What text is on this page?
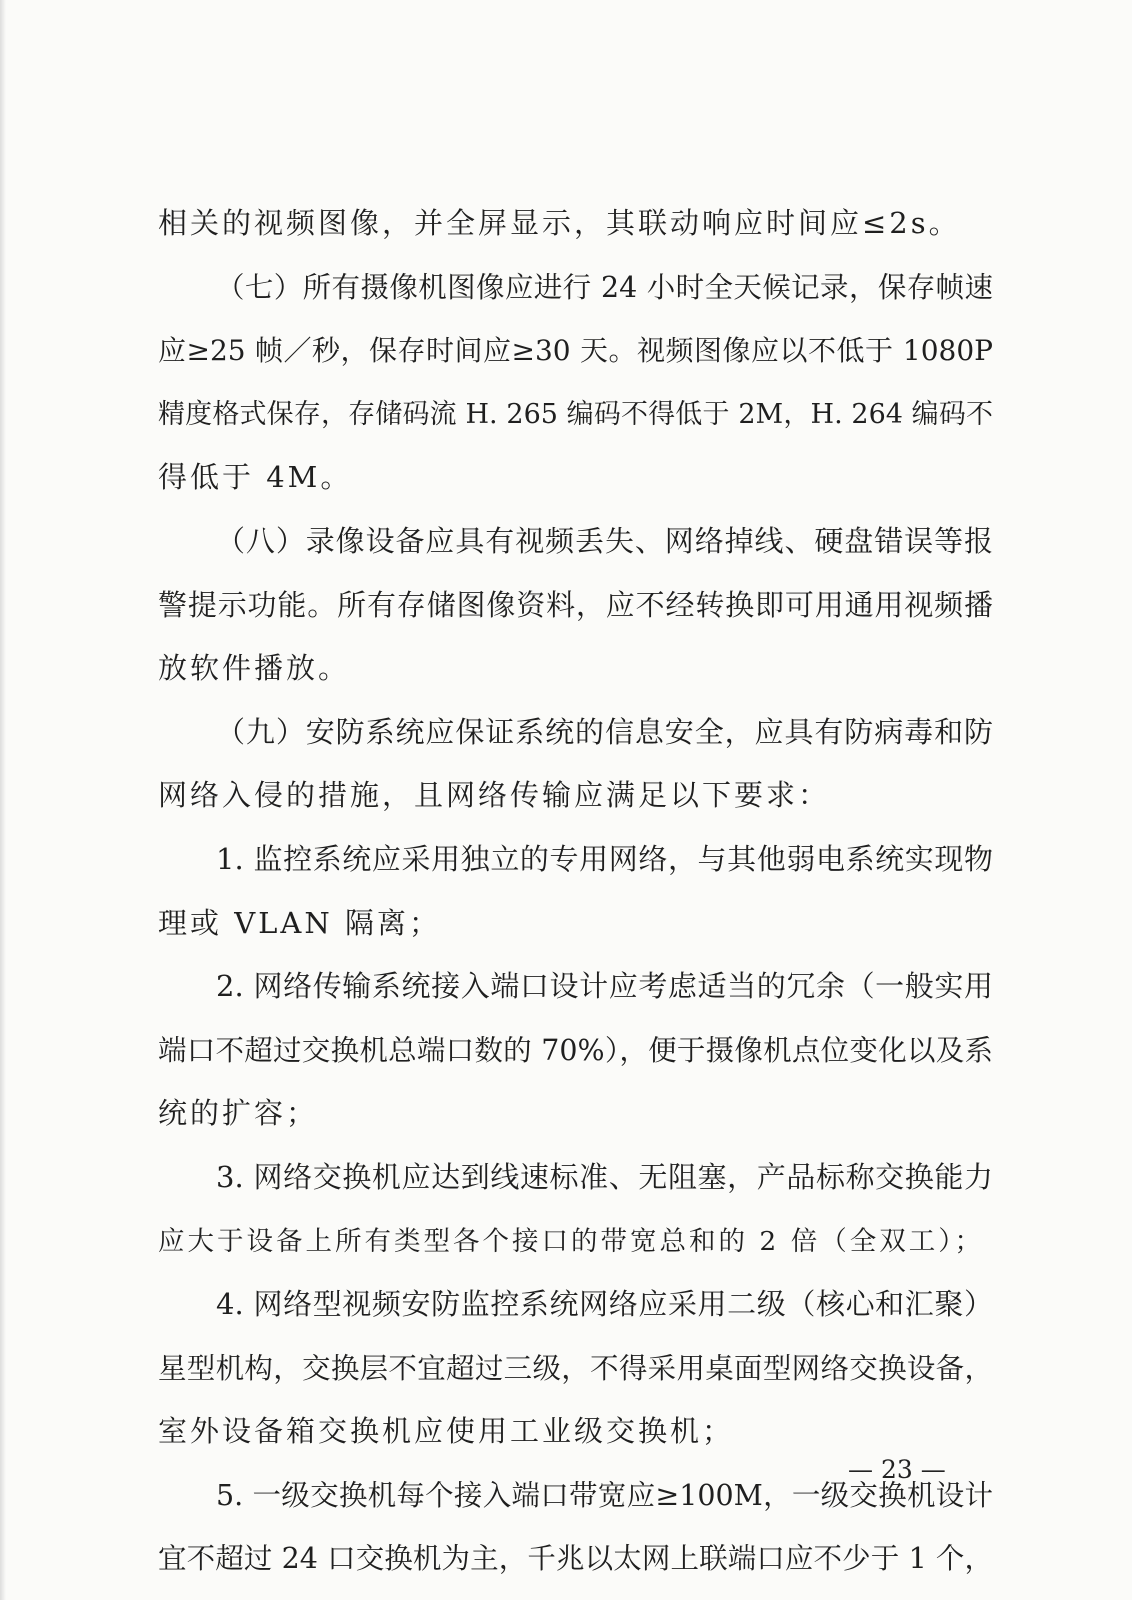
相关的视频图像，并全屏显示，其联动响应时间应≤2s。
（七）所有摄像机图像应进行 24 小时全天候记录，保存帧速
应≥25 帧／秒，保存时间应≥30 天。视频图像应以不低于 1080P
精度格式保存，存储码流 H. 265 编码不得低于 2M，H. 264 编码不
得低于 4M。
（八）录像设备应具有视频丢失、网络掉线、硬盘错误等报
警提示功能。所有存储图像资料，应不经转换即可用通用视频播
放软件播放。
（九）安防系统应保证系统的信息安全，应具有防病毒和防
网络入侵的措施，且网络传输应满足以下要求：
1. 监控系统应采用独立的专用网络，与其他弱电系统实现物
理或 VLAN 隔离；
2. 网络传输系统接入端口设计应考虑适当的冗余（一般实用
端口不超过交换机总端口数的 70%），便于摄像机点位变化以及系
统的扩容；
3. 网络交换机应达到线速标准、无阻塞，产品标称交换能力
应大于设备上所有类型各个接口的带宽总和的 2 倍（全双工）；
4. 网络型视频安防监控系统网络应采用二级（核心和汇聚）
星型机构，交换层不宜超过三级，不得采用桌面型网络交换设备，
室外设备箱交换机应使用工业级交换机；
5. 一级交换机每个接入端口带宽应≥100M，一级交换机设计
宜不超过 24 口交换机为主，千兆以太网上联端口应不少于 1 个，
— 23 —
